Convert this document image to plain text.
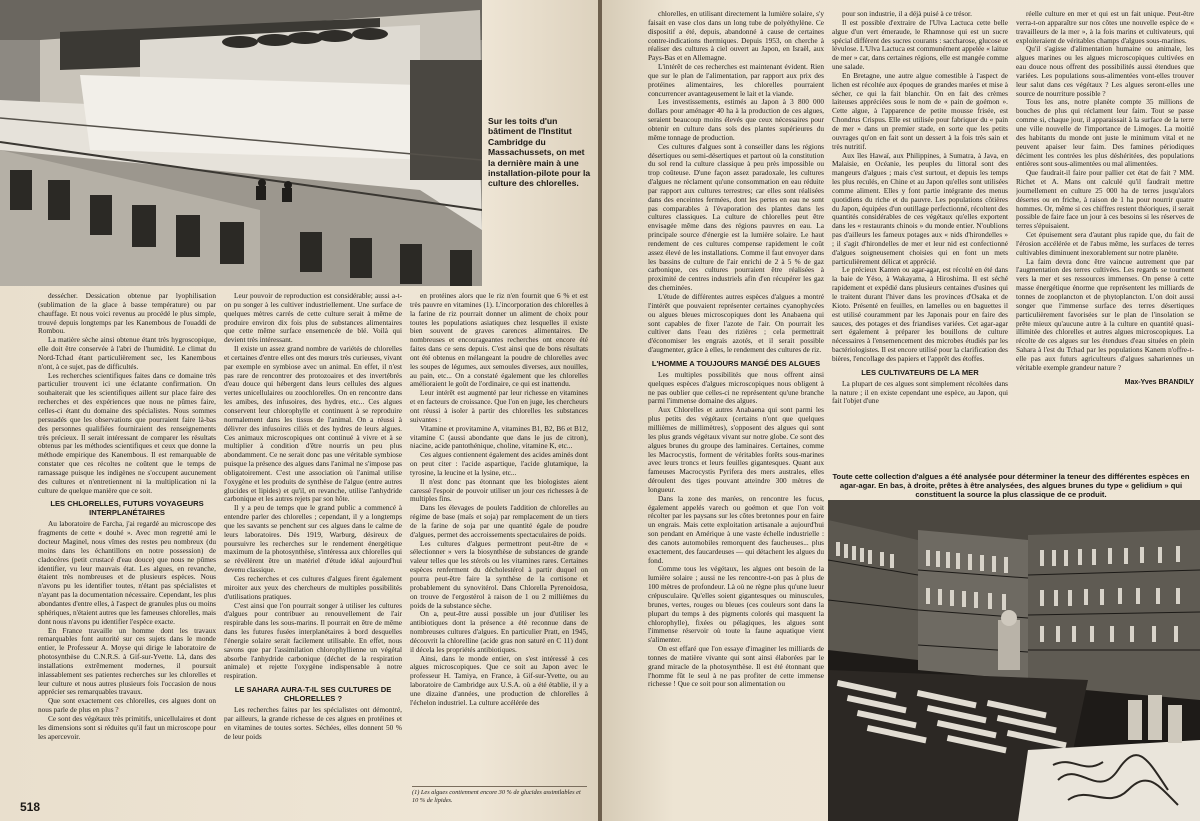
Sur les toits d'un bâtiment de l'Institut Cambridge du Massachussets, on met la dernière main à une installation-pilote pour la culture des chlorelles.

dessécher. Dessication obtenue par lyophilisation (sublimation de la glace à basse température) ou par chauffage. Et nous voici revenus au procédé le plus simple, trouvé depuis longtemps par les Kanembous de l'ouaddi de Rombou.

La matière sèche ainsi obtenue étant très hygroscopique, elle doit être conservée à l'abri de l'humidité. Le climat du Nord-Tchad étant particulièrement sec, les Kanembous n'ont, à ce sujet, pas de difficultés.

Les recherches scientifiques faites dans ce domaine très particulier trouvent ici une éclatante confirmation. On souhaiterait que les scientifiques aillent sur place faire des recherches et des expériences que nous ne pûmes faire, celles-ci étant du domaine des spécialistes. Nous sommes persuadés que les observations que pourraient faire là-bas des personnes qualifiées fourniraient des renseignements très précieux. Il serait intéressant de comparer les résultats obtenus par les méthodes scientifiques et ceux que donne la méthode empirique des Kanembous. Il est remarquable de constater que ces récoltes ne coûtent que le temps de ramassage puisque les indigènes ne s'occupent aucunement des cultures et n'entretiennent ni la multiplication ni la culture de quelque manière que ce soit.

LES CHLORELLES, FUTURS VOYAGEURS INTERPLANÉTAIRES

Au laboratoire de Farcha, j'ai regardé au microscope des fragments de cette « douhé ». Avec mon regretté ami le docteur Maginel, nous vîmes des restes peu nombreux (du moins dans les échantillons en notre possession) de cladocères (petit crustacé d'eau douce) que nous ne pûmes identifier, vu leur mauvais état. Les algues, en revanche, étaient très nombreuses et de plusieurs espèces. Nous n'avons pu les identifier toutes, n'étant pas spécialistes et n'ayant pas la documentation nécessaire. Cependant, les plus abondantes d'entre elles, à l'aspect de granules plus ou moins sphériques, n'étaient autres que les fameuses chlorelles, mais dont nous n'avons pu identifier l'espèce exacte.

En France travaille un homme dont les travaux remarquables font autorité sur ces sujets dans le monde entier, le Professeur A. Moyse qui dirige le laboratoire de photosynthèse du C.N.R.S. à Gif-sur-Yvette. Là, dans des installations extrêmement modernes, il poursuit inlassablement ses patientes recherches sur les chlorelles et leur culture et nous autres plusieurs fois l'occasion de nous apprécier ses remarquables travaux.

Que sont exactement ces chlorelles, ces algues dont on nous parle de plus en plus ?

Ce sont des végétaux très primitifs, unicellulaires et dont les dimensions sont si réduites qu'il faut un microscope pour les apercevoir.

Leur pouvoir de reproduction est considérable; aussi a-t-on pu songer à les cultiver industriellement. Une surface de quelques mètres carrés de cette culture serait à même de produire environ dix fois plus de substances alimentaires que cette même surface ensemencée de blé. Voilà qui devient très intéressant.

Il existe un assez grand nombre de variétés de chlorelles et certaines d'entre elles ont des mœurs très curieuses, vivant par exemple en symbiose avec un animal. En effet, il n'est pas rare de rencontrer des protozoaires et des invertébrés d'eau douce qui hébergent dans leurs cellules des algues vertes unicellulaires ou zoochlorelles. On en rencontre dans les amibes, des infusoires, des hydres, etc... Ces algues conservent leur chlorophylle et continuent à se reproduire normalement dans les tissus de l'animal. On a réussi à délivrer des infusoires ciliés et des hydres de leurs algues. Ces animaux microscopiques ont continué à vivre et à se multiplier à condition d'être nourris un peu plus abondamment. Ce ne serait donc pas une véritable symbiose puisque la présence des algues dans l'animal ne s'impose pas obligatoirement. C'est une association où l'animal utilise l'oxygène et les produits de synthèse de l'algue (entre autres glucides et lipides) et qu'il, en revanche, utilise l'anhydride carbonique et les autres rejets par son hôte.

Il y a peu de temps que le grand public a commencé à entendre parler des chlorelles ; cependant, il y a longtemps que les savants se penchent sur ces algues dans le calme de leurs laboratoires. Dès 1919, Warburg, désireux de poursuivre les recherches sur le rendement énergétique maximum de la photosynthèse, s'intéressa aux chlorelles qui se révélèrent être un matériel d'étude idéal aujourd'hui devenu classique.

Ces recherches et ces cultures d'algues firent également miroiter aux yeux des chercheurs de multiples possibilités d'utilisations pratiques.

C'est ainsi que l'on pourrait songer à utiliser les cultures d'algues pour contribuer au renouvellement de l'air respirable dans les sous-marins. Il pourrait en être de même dans les futures fusées interplanétaires à bord desquelles l'énergie solaire serait facilement utilisable. En effet, nous savons que par l'assimilation chlorophyllienne un végétal absorbe l'anhydride carbonique (déchet de la respiration animale) et rejette l'oxygène indispensable à notre respiration.

LE SAHARA AURA-T-IL SES CULTURES DE CHLORELLES ?

Les recherches faites par les spécialistes ont démontré, par ailleurs, la grande richesse de ces algues en protéines et en vitamines de toutes sortes. Séchées, elles donnent 50 % de leur poids

en protéines alors que le riz n'en fournit que 6 % et est très pauvre en vitamines (1). L'incorporation des chlorelles à la farine de riz pourrait donner un aliment de choix pour toutes les populations asiatiques chez lesquelles il existe bien souvent de graves carences alimentaires. De nombreuses et encourageantes recherches ont encore été faites dans ce sens depuis. C'est ainsi que de bons résultats ont été obtenus en mélangeant la poudre de chlorelles avec les soupes de légumes, aux semoules diverses, aux nouilles, au pain, etc... On a constaté également que les chlorelles amélioraient le goût de l'ordinaire, ce qui est inattendu.

Leur intérêt est augmenté par leur richesse en vitamines et en facteurs de croissance. Que l'on en juge, les chercheurs ont réussi à isoler à partir des chlorelles les substances suivantes :

Vitamine et provitamine A, vitamines B1, B2, B6 et B12, vitamine C (aussi abondante que dans le jus de citron), niacine, acide pantothénique, choline, vitamine K, etc...

Ces algues contiennent également des acides aminés dont on peut citer : l'acide aspartique, l'acide glutamique, la tyrosine, la leucine et la lysine, etc...

Il n'est donc pas étonnant que les biologistes aient caressé l'espoir de pouvoir utiliser un jour ces richesses à de multiples fins.

Dans les élevages de poulets l'addition de chlorelles au régime de base (maïs et soja) par remplacement de un tiers de la farine de soja par une quantité égale de poudre d'algues, permet des accroissements spectaculaires de poids.

Les cultures d'algues permettront peut-être de « sélectionner » vers la biosynthèse de substances de grande valeur telles que les stérols ou les vitamines rares. Certaines espèces renferment du décholestérol à partir duquel on pourra peut-être faire la synthèse de la cortisone et probablement du synovitérol. Dans Chlorella Pyrenoidosa, on trouve de l'ergostérol à raison de 1 ou 2 millièmes du poids de la substance sèche.

On a, peut-être aussi possible un jour d'utiliser les antibiotiques dont la présence a été reconnue dans de nombreuses cultures d'algues. En particulier Pratt, en 1945, découvrit la chlorelline (acide gras non saturé en C 11) dont il décela les propriétés antibiotiques.

Ainsi, dans le monde entier, on s'est intéressé à ces algues microscopiques. Que ce soit au Japon avec le professeur H. Tamiya, en France, à Gif-sur-Yvette, ou au laboratoire de Cambridge aux U.S.A. où a été établie, il y a une dizaine d'années, une production de chlorelles à l'échelon industriel. La culture accélérée des

(1) Les algues contiennent encore 30 % de glucides assimilables et 10 % de lipides.
518

chlorelles, en utilisant directement la lumière solaire, s'y faisait en vase clos dans un long tube de polyéthylène. Ce dispositif a été, depuis, abandonné à cause de certaines contre-indications thermiques. Depuis 1953, on cherche à réaliser des cultures à ciel ouvert au Japon, en Israël, aux Pays-Bas et en Allemagne.

L'intérêt de ces recherches est maintenant évident. Rien que sur le plan de l'alimentation, par rapport aux prix des protéines alimentaires, les chlorelles pourraient concurrencer avantageusement le lait et la viande.

Les investissements, estimés au Japon à 3 800 000 dollars pour aménager 40 ha à la production de ces algues, seraient beaucoup moins élevés que ceux nécessaires pour obtenir en culture dans sols des plantes supérieures du même tonnage de production.

Ces cultures d'algues sont à conseiller dans les régions désertiques ou semi-désertiques et partout où la constitution du sol rend la culture classique à peu près impossible ou trop coûteuse. D'une façon assez paradoxale, les cultures d'algues ne réclament qu'une consommation en eau réduite par rapport aux cultures terrestres; car elles sont réalisées dans des enceintes fermées, dont les pertes en eau ne sont pas comparables à l'évaporation des plantes dans les cultures classiques. La culture de chlorelles peut être envisagée même dans des régions pauvres en eau. La principale source d'énergie est la lumière solaire. Le haut rendement de ces cultures compense rapidement le coût assez élevé de les installations. Comme il faut envoyer dans les bassins de culture de l'air enrichi de 2 à 5 % de gaz carbonique, ces cultures pourraient être réalisées à proximité de centres industriels afin d'en récupérer les gaz des cheminées.

L'étude de différentes autres espèces d'algues a montré l'intérêt que pouvaient représenter certaines cyanophycées ou algues bleues microscopiques dont les Anabaena qui sont capables de fixer l'azote de l'air. On pourrait les cultiver dans l'eau des rizières ; cela permettrait d'économiser les engrais azotés, et il serait possible d'augmenter, grâce à elles, le rendement des cultures de riz.

L'HOMME A TOUJOURS MANGÉ DES ALGUES

Les multiples possibilités que nous offrent ainsi quelques espèces d'algues microscopiques nous obligent à ne pas oublier que celles-ci ne représentent qu'une branche parmi l'immense domaine des algues.

Aux Chlorelles et autres Anabaena qui sont parmi les plus petits des végétaux (certains n'ont que quelques millièmes de millimètres), s'opposent des algues qui sont les plus grands végétaux vivant sur notre globe. Ce sont des algues brunes du groupe des laminaires. Certaines, comme les Macrocystis, forment de véritables forêts sous-marines avec leurs troncs et leurs feuilles gigantesques. Quant aux fameuses Macrocystis Pyrifera des mers australes, elles déroulent des tiges pouvant atteindre 300 mètres de longueur.

Dans la zone des marées, on rencontre les fucus, également appelés varech ou goémon et que l'on voit récolter par les paysans sur les côtes bretonnes pour en faire un engrais. Mais cette exploitation artisanale a aujourd'hui son pendant en Amérique à une vaste échelle industrielle : des canots automobiles remorquent des faucheuses... plus exactement, des faucardeuses — qui détachent les algues du fond.

Comme tous les végétaux, les algues ont besoin de la lumière solaire ; aussi ne les rencontre-t-on pas à plus de 100 mètres de profondeur. Là où ne règne plus qu'une lueur crépusculaire. Qu'elles soient gigantesques ou minuscules, brunes, vertes, rouges ou bleues (ces couleurs sont dans la plupart du temps à des pigments colorés qui masquent la chlorophylle), fixées ou pélagiques, les algues sont l'immense réservoir où toute la faune aquatique vient s'alimenter.

On est effaré que l'on essaye d'imaginer les milliards de tonnes de matière vivante qui sont ainsi élaborées par le grand miracle de la photosynthèse. Il est été étonnant que l'homme fût le seul à ne pas profiter de cette immense richesse ! Que ce soit pour son alimentation ou

pour son industrie, il a déjà puisé à ce trésor.

Il est possible d'extraire de l'Ulva Lactuca cette belle algue d'un vert émeraude, le Rhamnose qui est un sucre spécial différent des sucres courants : saccharose, glucose et lévulose. L'Ulva Lactuca est communément appelée « laitue de mer » car, dans certaines régions, elle est mangée comme une salade.

En Bretagne, une autre algue comestible à l'aspect de lichen est récoltée aux époques de grandes marées et mise à sécher, ce qui la fait blanchir. On en fait des crèmes laiteuses appréciées sous le nom de « pain de goémon ». Cette algue, à l'apparence de petite mousse frisée, est Chondrus Crispus. Elle est utilisée pour fabriquer du « pain de mer » dans un premier stade, en sorte que les petits ouvrages qu'on en fait sont un dessert à la fois très sain et très nutritif.

Aux îles Hawaï, aux Philippines, à Sumatra, à Java, en Malaisie, en Océanie, les peuples du littoral sont des mangeurs d'algues ; mais c'est surtout, et depuis les temps les plus reculés, en Chine et au Japon qu'elles sont utilisées comme aliment. Elles y font partie intégrante des menus quotidiens du riche et du pauvre. Les populations côtières du Japon, équipées d'un outillage perfectionné, récoltent des quantités considérables de ces végétaux qu'elles exportent dans les « restaurants chinois » du monde entier. N'oublions pas d'ailleurs les fameux potages aux « nids d'hirondelles » ; il s'agit d'hirondelles de mer et leur nid est confectionné d'algues soigneusement choisies qui en font un mets particulièrement délicat et apprécié.

Le précieux Kanten ou agar-agar, est récolté en été dans la baie de Yéso, à Wakayama, à Hiroshima. Il est séché rapidement et expédié dans plusieurs centaines d'usines qui le traitent durant l'hiver dans les provinces d'Osaka et de Kioto. Présenté en feuilles, en lamelles ou en baguettes il est utilisé couramment par les Japonais pour en faire des sauces, des potages et des friandises variées. Cet agar-agar sert également à préparer les bouillons de culture nécessaires à l'ensemencement des microbes étudiés par les bactériologistes. Il est encore utilisé pour la clarification des bières, l'encollage des papiers et l'apprêt des étoffes.

LES CULTIVATEURS DE LA MER

La plupart de ces algues sont simplement récoltées dans la nature ; il en existe cependant une espèce, au Japon, qui fait l'objet d'une

réelle culture en mer et qui est un fait unique. Peut-être verra-t-on apparaître sur nos côtes une nouvelle espèce de « travailleurs de la mer », à la fois marins et cultivateurs, qui exploiteraient de véritables champs d'algues sous-marines.

Qu'il s'agisse d'alimentation humaine ou animale, les algues marines ou les algues microscopiques cultivées en eau douce nous offrent des possibilités aussi étendues que variées. Les populations sous-alimentées vont-elles trouver leur salut dans ces végétaux ? Les algues seront-elles une source de nourriture possible ?

Tous les ans, notre planète compte 35 millions de bouches de plus qui réclament leur faim. Tout se passe comme si, chaque jour, il apparaissait à la surface de la terre une ville nouvelle de l'importance de Limoges. La moitié des habitants du monde ont juste le minimum vital et ne peuvent apaiser leur faim. Des famines périodiques déciment les contrées les plus déshéritées, des populations entières sont sous-alimentées ou mal alimentées.

Que faudrait-il faire pour pallier cet état de fait ? MM. Richet et A. Mans ont calculé qu'il faudrait mettre journellement en culture 25 000 ha de terres jusqu'alors désertes ou en friche, à raison de 1 ha pour nourrir quatre hommes. Or, même si ces chiffres restent théoriques, il serait possible de faire face un jour à ces besoins si les réserves de terres s'épuisaient.

Cet épuisement sera d'autant plus rapide que, du fait de l'érosion accélérée et de l'abus même, les surfaces de terres cultivables diminuent inexorablement sur notre planète.

La faim devra donc être vaincue autrement que par l'augmentation des terres cultivées. Les regards se tournent vers la mer et ses ressources immenses. On pense à cette masse énergétique énorme que représentent les milliards de tonnes de zooplancton et de phytoplancton. L'on doit aussi songer que l'immense surface des terres désertiques particulièrement favorisées sur le plan de l'insolation se prête mieux qu'aucune autre à la culture en quantité quasi-illimitée des chlorelles et autres algues microscopiques. La récolte de ces algues sur les étendues d'eau situées en plein Sahara à l'est du Tchad par les populations Kanem n'offre-t-elle pas aux futurs agriculteurs d'algues sahariennes un véritable exemple grandeur nature ?

Max-Yves BRANDILY
Toute cette collection d'algues a été analysée pour déterminer la teneur des différentes espèces en agar-agar. En bas, à droite, prêtes à être analysées, des algues brunes du type « gelidium » qui constituent la source la plus classique de ce produit.
